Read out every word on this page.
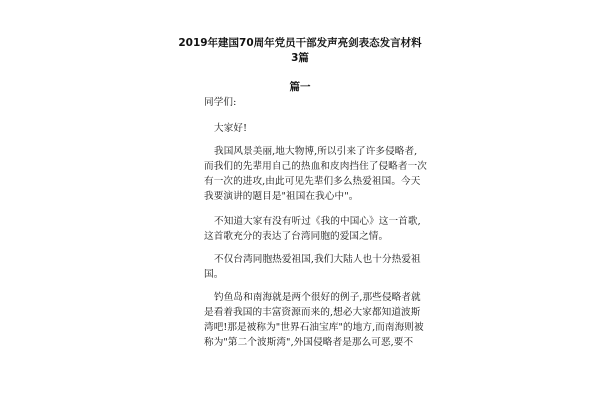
2019年建国70周年党员干部发声亮剑表态发言材料
3篇
篇一
同学们:
大家好!
我国风景美丽,地大物博,所以引来了许多侵略者,
而我们的先辈用自己的热血和皮肉挡住了侵略者一次
有一次的进攻,由此可见先辈们多么热爱祖国。今天
我要演讲的题目是"祖国在我心中"。
不知道大家有没有听过《我的中国心》这一首歌,
这首歌充分的表达了台湾同胞的爱国之情。
不仅台湾同胞热爱祖国,我们大陆人也十分热爱祖
国。
钓鱼岛和南海就是两个很好的例子,那些侵略者就
是看着我国的丰富资源而来的,想必大家都知道波斯
湾吧!那是被称为"世界石油宝库"的地方,而南海则被
称为"第二个波斯湾",外国侵略者是那么可恶,要不
